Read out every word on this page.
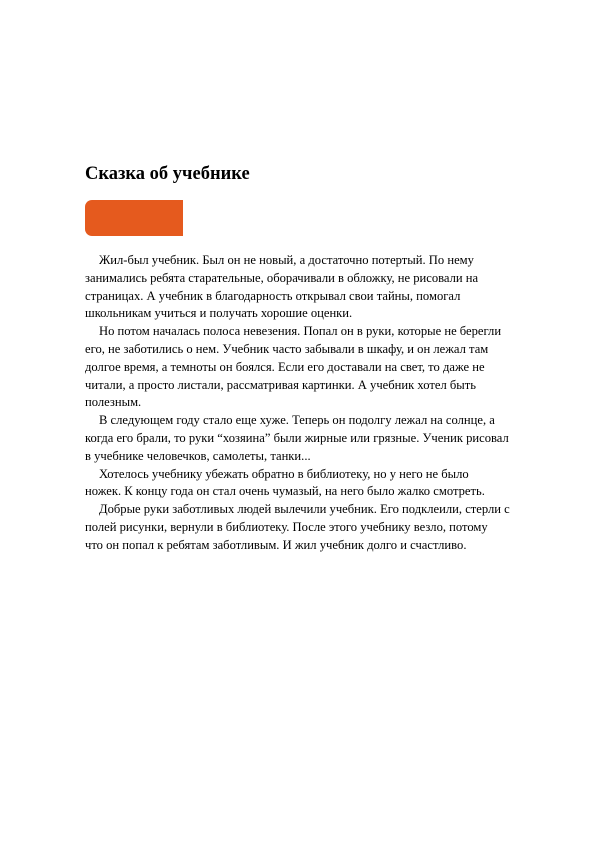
Сказка об учебнике
Жил-был учебник. Был он не новый, а достаточно потертый. По нему
занимались ребята старательные, оборачивали в обложку, не рисовали на
страницах. А учебник в благодарность открывал свои тайны, помогал
школьникам учиться и получать хорошие оценки.
Но потом началась полоса невезения. Попал он в руки, которые не берегли
его, не заботились о нем. Учебник часто забывали в шкафу, и он лежал там
долгое время, а темноты он боялся. Если его доставали на свет, то даже не
читали, а просто листали, рассматривая картинки. А учебник хотел быть
полезным.
В следующем году стало еще хуже. Теперь он подолгу лежал на солнце, а
когда его брали, то руки “хозяина” были жирные или грязные. Ученик рисовал
в учебнике человечков, самолеты, танки...
Хотелось учебнику убежать обратно в библиотеку, но у него не было
ножек. К концу года он стал очень чумазый, на него было жалко смотреть.
Добрые руки заботливых людей вылечили учебник. Его подклеили, стерли с
полей рисунки, вернули в библиотеку. После этого учебнику везло, потому
что он попал к ребятам заботливым. И жил учебник долго и счастливо.
